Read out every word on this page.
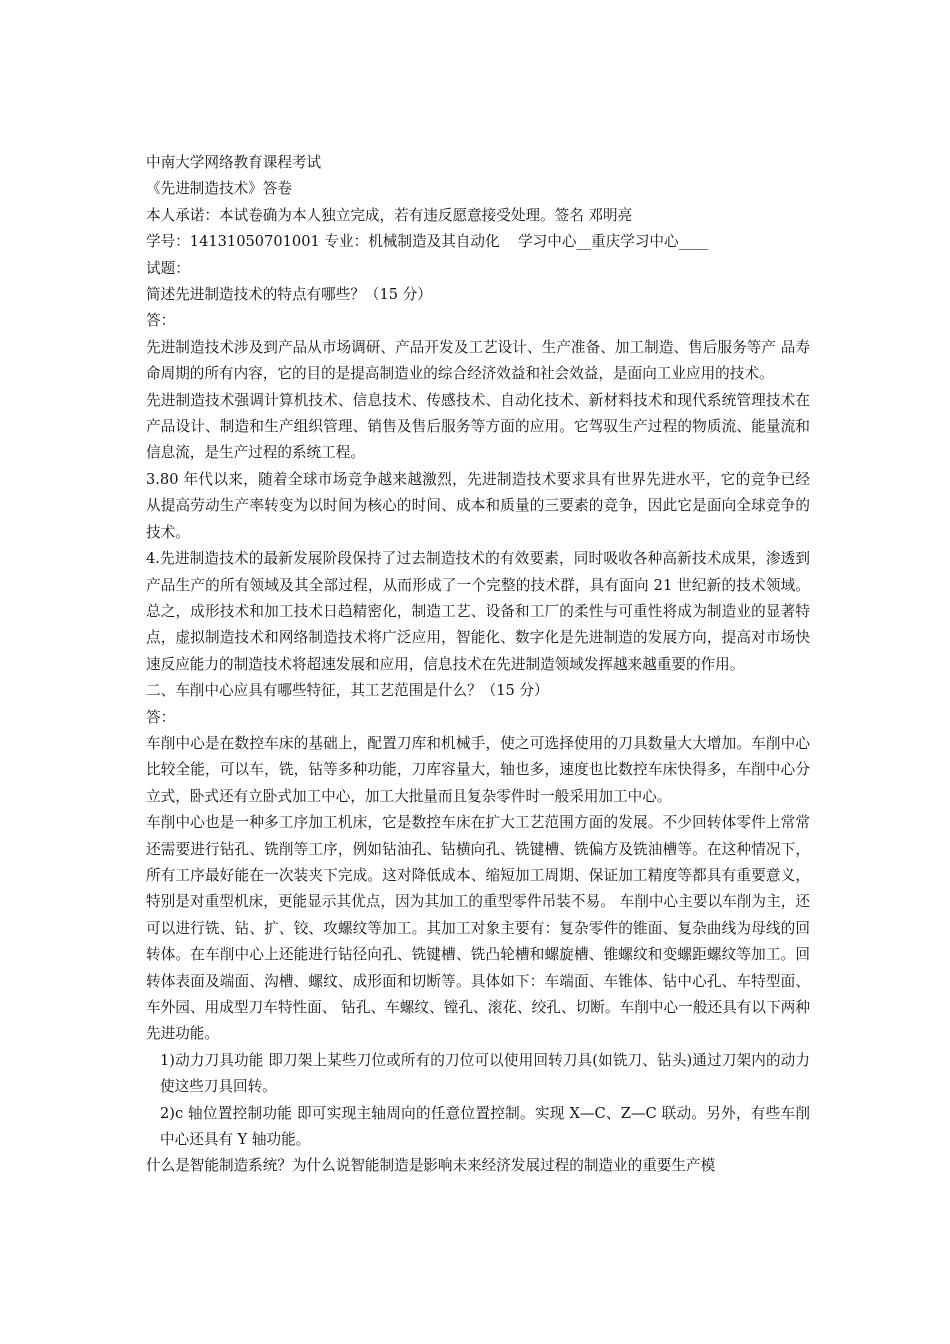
中南大学网络教育课程考试
《先进制造技术》答卷
本人承诺：本试卷确为本人独立完成，若有违反愿意接受处理。签名 邓明亮
学号：14131050701001 专业：机械制造及其自动化    学习中心__重庆学习中心____
试题：
简述先进制造技术的特点有哪些？（15 分）
答：
先进制造技术涉及到产品从市场调研、产品开发及工艺设计、生产准备、加工制造、售后服务等产 品寿命周期的所有内容，它的目的是提高制造业的综合经济效益和社会效益，是面向工业应用的技术。
先进制造技术强调计算机技术、信息技术、传感技术、自动化技术、新材料技术和现代系统管理技术在产品设计、制造和生产组织管理、销售及售后服务等方面的应用。它驾驭生产过程的物质流、能量流和信息流，是生产过程的系统工程。
3.80 年代以来，随着全球市场竞争越来越激烈，先进制造技术要求具有世界先进水平，它的竞争已经从提高劳动生产率转变为以时间为核心的时间、成本和质量的三要素的竞争，因此它是面向全球竞争的技术。
4.先进制造技术的最新发展阶段保持了过去制造技术的有效要素，同时吸收各种高新技术成果，渗透到产品生产的所有领域及其全部过程，从而形成了一个完整的技术群，具有面向 21 世纪新的技术领域。 总之，成形技术和加工技术日趋精密化，制造工艺、设备和工厂的柔性与可重性将成为制造业的显著特点，虚拟制造技术和网络制造技术将广泛应用，智能化、数字化是先进制造的发展方向，提高对市场快速反应能力的制造技术将超速发展和应用，信息技术在先进制造领域发挥越来越重要的作用。
二、车削中心应具有哪些特征，其工艺范围是什么？（15 分）
答：
车削中心是在数控车床的基础上，配置刀库和机械手，使之可选择使用的刀具数量大大增加。车削中心比较全能，可以车，铣，钻等多种功能，刀库容量大，轴也多，速度也比数控车床快得多，车削中心分立式，卧式还有立卧式加工中心，加工大批量而且复杂零件时一般采用加工中心。
车削中心也是一种多工序加工机床，它是数控车床在扩大工艺范围方面的发展。不少回转体零件上常常还需要进行钻孔、铣削等工序，例如钻油孔、钻横向孔、铣键槽、铣偏方及铣油槽等。在这种情况下，所有工序最好能在一次装夹下完成。这对降低成本、缩短加工周期、保证加工精度等都具有重要意义，特别是对重型机床，更能显示其优点，因为其加工的重型零件吊装不易。 车削中心主要以车削为主，还可以进行铣、钻、扩、铰、攻螺纹等加工。其加工对象主要有：复杂零件的锥面、复杂曲线为母线的回转体。在车削中心上还能进行钻径向孔、铣键槽、铣凸轮槽和螺旋槽、锥螺纹和变螺距螺纹等加工。回转体表面及端面、沟槽、螺纹、成形面和切断等。具体如下：车端面、车锥体、钻中心孔、车特型面、车外园、用成型刀车特性面、 钻孔、车螺纹、镗孔、滚花、绞孔、切断。车削中心一般还具有以下两种先进功能。
1)动力刀具功能 即刀架上某些刀位或所有的刀位可以使用回转刀具(如铣刀、钻头)通过刀架内的动力使这些刀具回转。
2)c 轴位置控制功能 即可实现主轴周向的任意位置控制。实现 X—C、Z—C 联动。另外，有些车削中心还具有 Y 轴功能。
什么是智能制造系统？为什么说智能制造是影响未来经济发展过程的制造业的重要生产模
